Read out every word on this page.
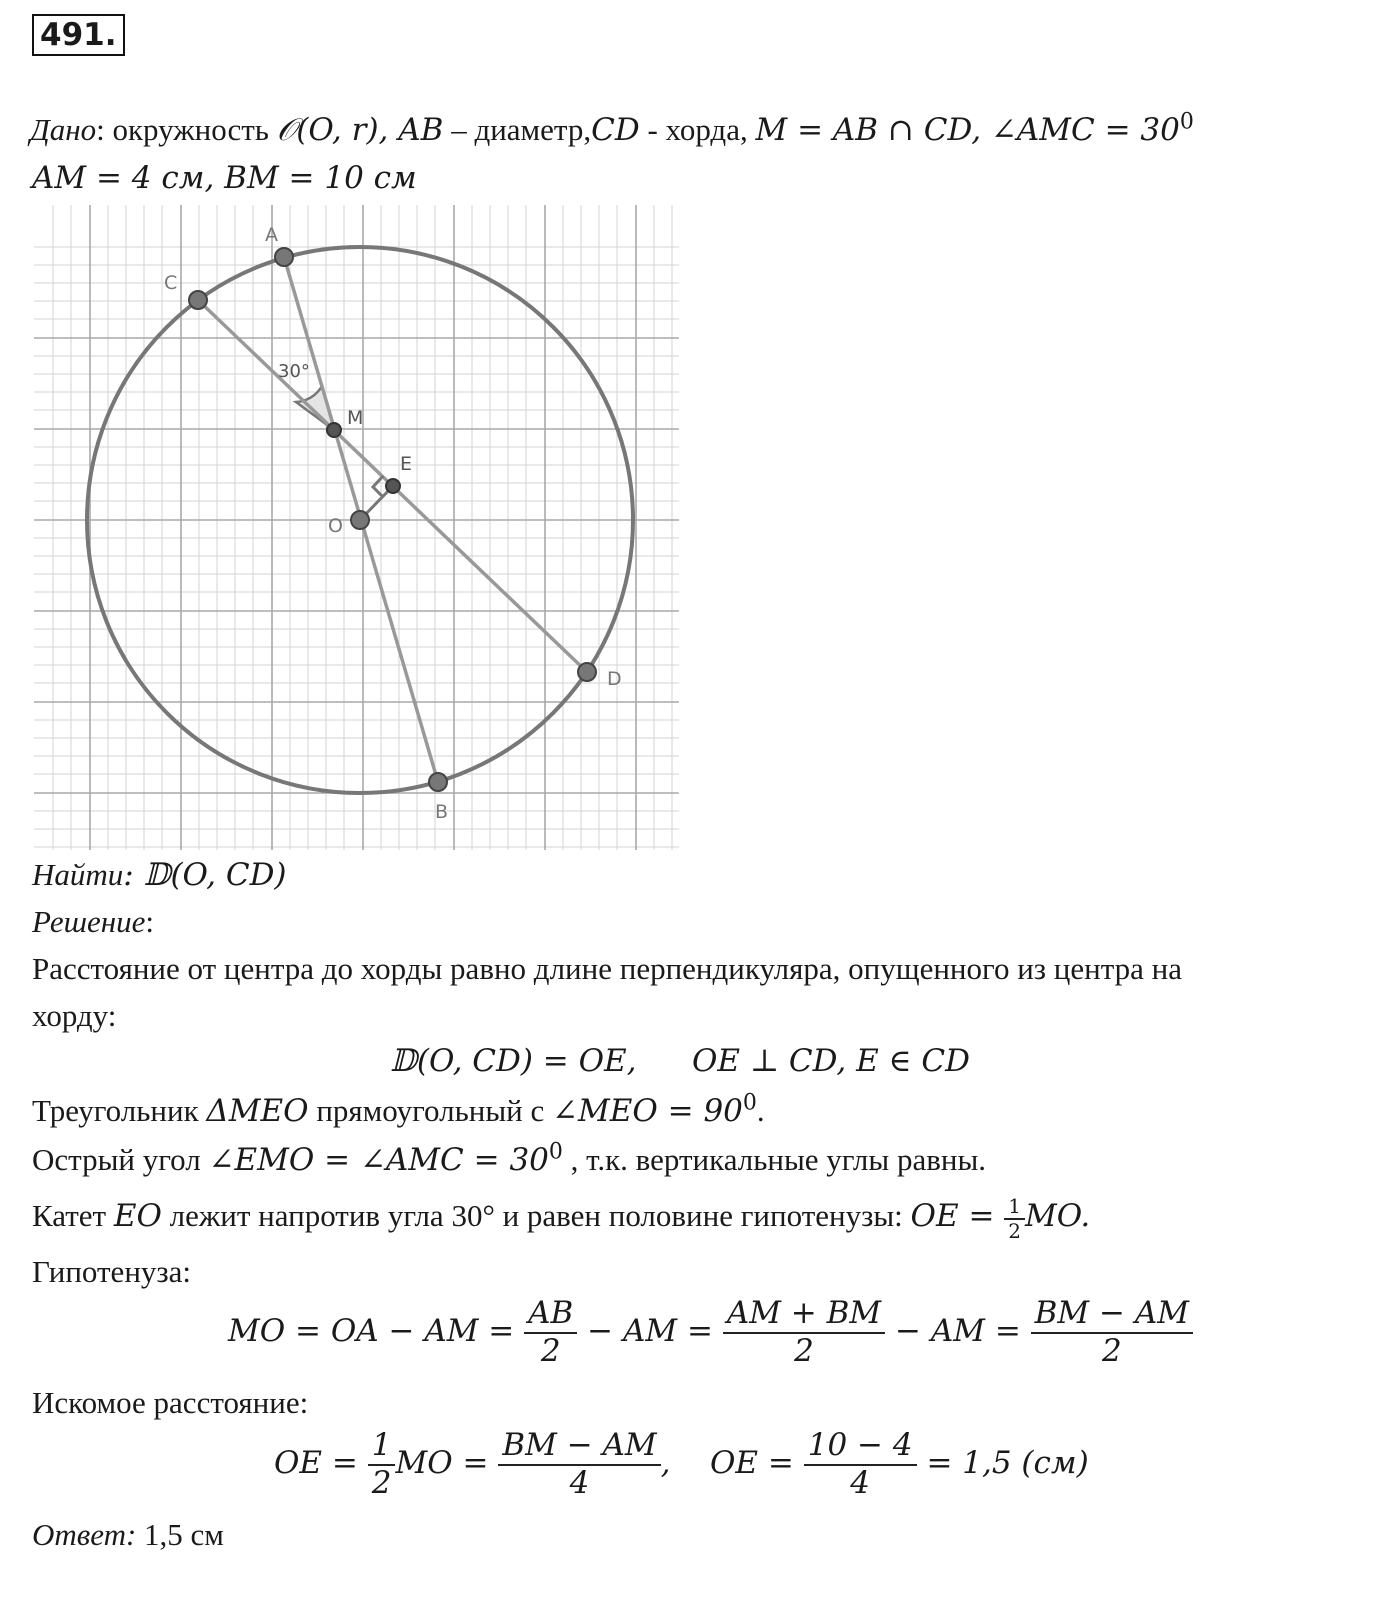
491.
Дано: окружность 𝒪(O, r), AB – диаметр,CD - хорда, M = AB ∩ CD, ∠AMC = $30^0$
AM = 4 см, BM = 10 см
A
C
D
B
O
M
E
30°
Найти: 𝔻(O, CD)
Решение:
Расстояние от центра до хорды равно длине перпендикуляра, опущенного из центра на
хорду:
𝔻(O, CD) = OE, OE ⊥ CD, E ∈ CD
Треугольник ΔMEO прямоугольный с ∠MEO = $90^0$.
Острый угол ∠EMO = ∠AMC = $30^0$ , т.к. вертикальные углы равны.
Катет EO лежит напротив угла 30° и равен половине гипотенузы: OE = $\frac{1}{2}$ MO.
Гипотенуза:
MO = OA − AM = $\frac{AB}{2}$ − AM = $\frac{AM + BM}{2}$ − AM = $\frac{BM - AM}{2}$
Искомое расстояние:
OE = $\frac{1}{2}$ MO = $\frac{BM - AM}{4}$ , OE = $\frac{10 - 4}{4} = 1,5$ (см)
Ответ: 1,5 см
